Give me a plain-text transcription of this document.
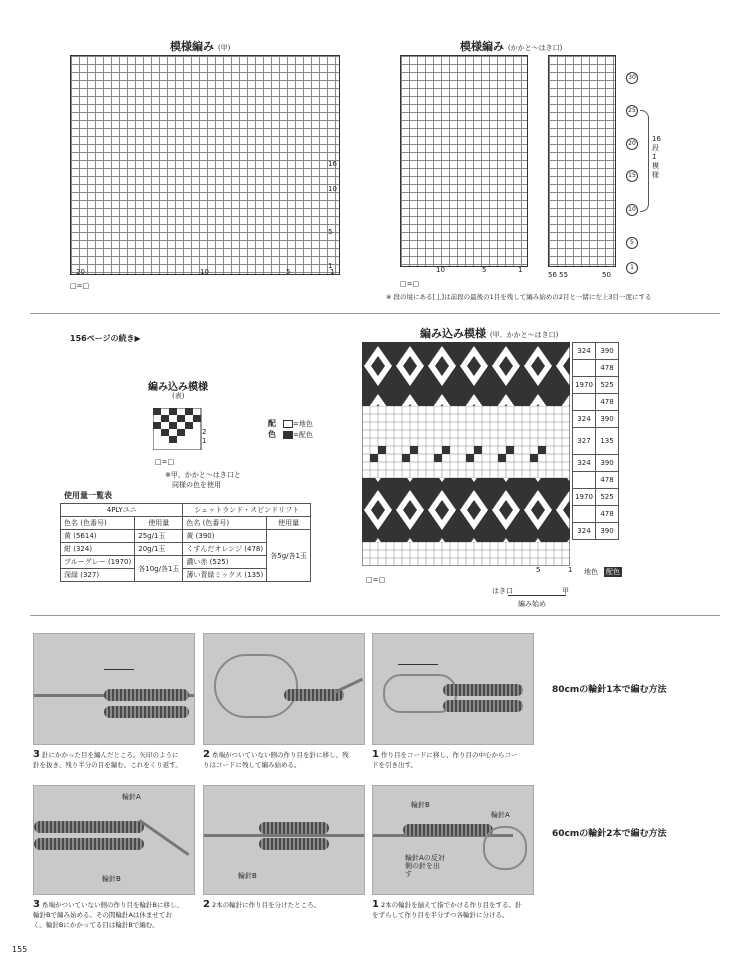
模様編み (甲)
20	10	5	1
16
10
5
1
□=□
模様編み (かかと〜はき口)
10	5	1
56 55	50
30
25
20
15
10
5
1
16段1模様
□=□
※ 段の境にある[丄]は前段の最後の1目を残して編み始めの2目と一緒に左上3目一度にする
156ページの続き▶
編み込み模様
(表)
2
1
□=□
※甲、かかと〜はき口と
同様の色を使用
配色
=地色
=配色
使用量一覧表
4PLYユニ		シェットランド・スピンドリフト	
色名 (色番号)	使用量	色名 (色番号)	使用量
黄 (5614)	25g/1玉	黄 (390)	各5g/各1玉
紺 (324)	20g/1玉	くすんだオレンジ (478)	
ブルーグレー (1970)	各10g/各1玉	濃い赤 (525)	
深緑 (327)		薄い青緑ミックス (135)	
編み込み模様 (甲、かかと〜はき口)
324	390
	478
1970	525
	478
324	390
327	135
324	390
	478
1970	525
	478
324	390
5	1 地色 配色
□=□
はき口	甲
編み始め
80cmの輪針1本で編む方法
3 針にかかった目を編んだところ。矢印のように針を抜き、残り半分の目を編む。これをくり返す。
2 糸端がついていない側の作り目を針に移し、残りはコードに残して編み始める。
1 作り目をコードに移し、作り目の中心からコードを引き出す。
輪針A
輪針B	輪針B
輪針B
輪針A
輪針Aの反対側の針を出す
60cmの輪針2本で編む方法
3 糸端がついていない側の作り目を輪針Bに移し、輪針Bで編み始める。その間輪針Aは休ませておく。輪針Bにかかってる目は輪針Bで編む。
2 2本の輪針に作り目を分けたところ。	1 2本の輪針を揃えて指でかける作り目をする。針をずらして作り目を半分ずつ各輪針に分ける。
155
